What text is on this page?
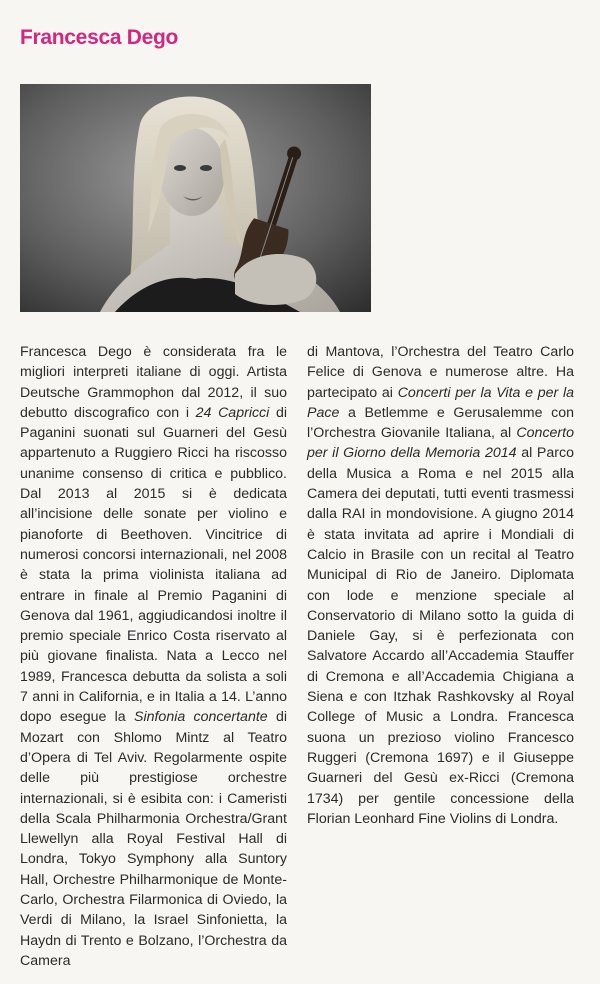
Francesca Dego

Francesca Dego è considerata fra le migliori interpreti italiane di oggi. Artista Deutsche Grammophon dal 2012, il suo debutto discografico con i 24 Capricci di Paganini suonati sul Guarneri del Gesù appartenuto a Ruggiero Ricci ha riscosso unanime consenso di critica e pubblico. Dal 2013 al 2015 si è dedicata all’incisione delle sonate per violino e pianoforte di Beethoven. Vincitrice di numerosi concorsi internazionali, nel 2008 è stata la prima violinista italiana ad entrare in finale al Premio Paganini di Genova dal 1961, aggiudicandosi inoltre il premio speciale Enrico Costa riservato al più giovane finalista. Nata a Lecco nel 1989, Francesca debutta da solista a soli 7 anni in California, e in Italia a 14. L’anno dopo esegue la Sinfonia concertante di Mozart con Shlomo Mintz al Teatro d’Opera di Tel Aviv. Regolarmente ospite delle più prestigiose orchestre internazionali, si è esibita con: i Cameristi della Scala Philharmonia Orchestra/Grant Llewellyn alla Royal Festival Hall di Londra, Tokyo Symphony alla Suntory Hall, Orchestre Philharmonique de Monte-Carlo, Orchestra Filarmonica di Oviedo, la Verdi di Milano, la Israel Sinfonietta, la Haydn di Trento e Bolzano, l’Orchestra da Camera

di Mantova, l’Orchestra del Teatro Carlo Felice di Genova e numerose altre. Ha partecipato ai Concerti per la Vita e per la Pace a Betlemme e Gerusalemme con l’Orchestra Giovanile Italiana, al Concerto per il Giorno della Memoria 2014 al Parco della Musica a Roma e nel 2015 alla Camera dei deputati, tutti eventi trasmessi dalla RAI in mondovisione. A giugno 2014 è stata invitata ad aprire i Mondiali di Calcio in Brasile con un recital al Teatro Municipal di Rio de Janeiro. Diplomata con lode e menzione speciale al Conservatorio di Milano sotto la guida di Daniele Gay, si è perfezionata con Salvatore Accardo all’Accademia Stauffer di Cremona e all’Accademia Chigiana a Siena e con Itzhak Rashkovsky al Royal College of Music a Londra. Francesca suona un prezioso violino Francesco Ruggeri (Cremona 1697) e il Giuseppe Guarneri del Gesù ex-Ricci (Cremona 1734) per gentile concessione della Florian Leonhard Fine Violins di Londra.
